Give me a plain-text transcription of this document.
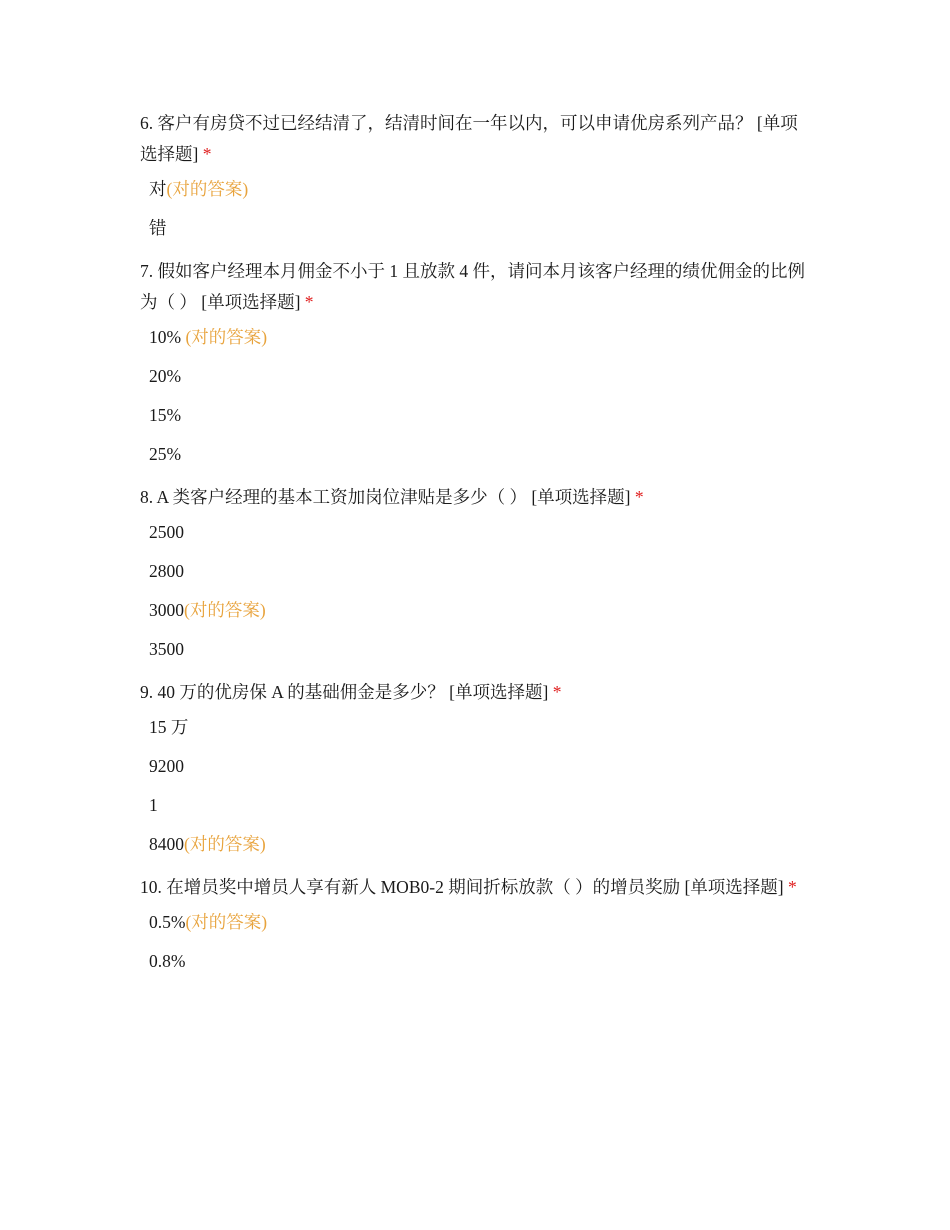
6. 客户有房贷不过已经结清了，结清时间在一年以内，可以申请优房系列产品？ [单项选择题] *

对(对的答案)
错

7. 假如客户经理本月佣金不小于 1 且放款 4 件，请问本月该客户经理的绩优佣金的比例为（ ） [单项选择题] *

10% (对的答案)
20%
15%
25%

8. A 类客户经理的基本工资加岗位津贴是多少（ ） [单项选择题] *

2500
2800
3000(对的答案)
3500

9. 40 万的优房保 A 的基础佣金是多少？ [单项选择题] *

15 万
9200
1
8400(对的答案)

10. 在增员奖中增员人享有新人 MOB0-2 期间折标放款（ ）的增员奖励 [单项选择题] *

0.5%(对的答案)
0.8%
